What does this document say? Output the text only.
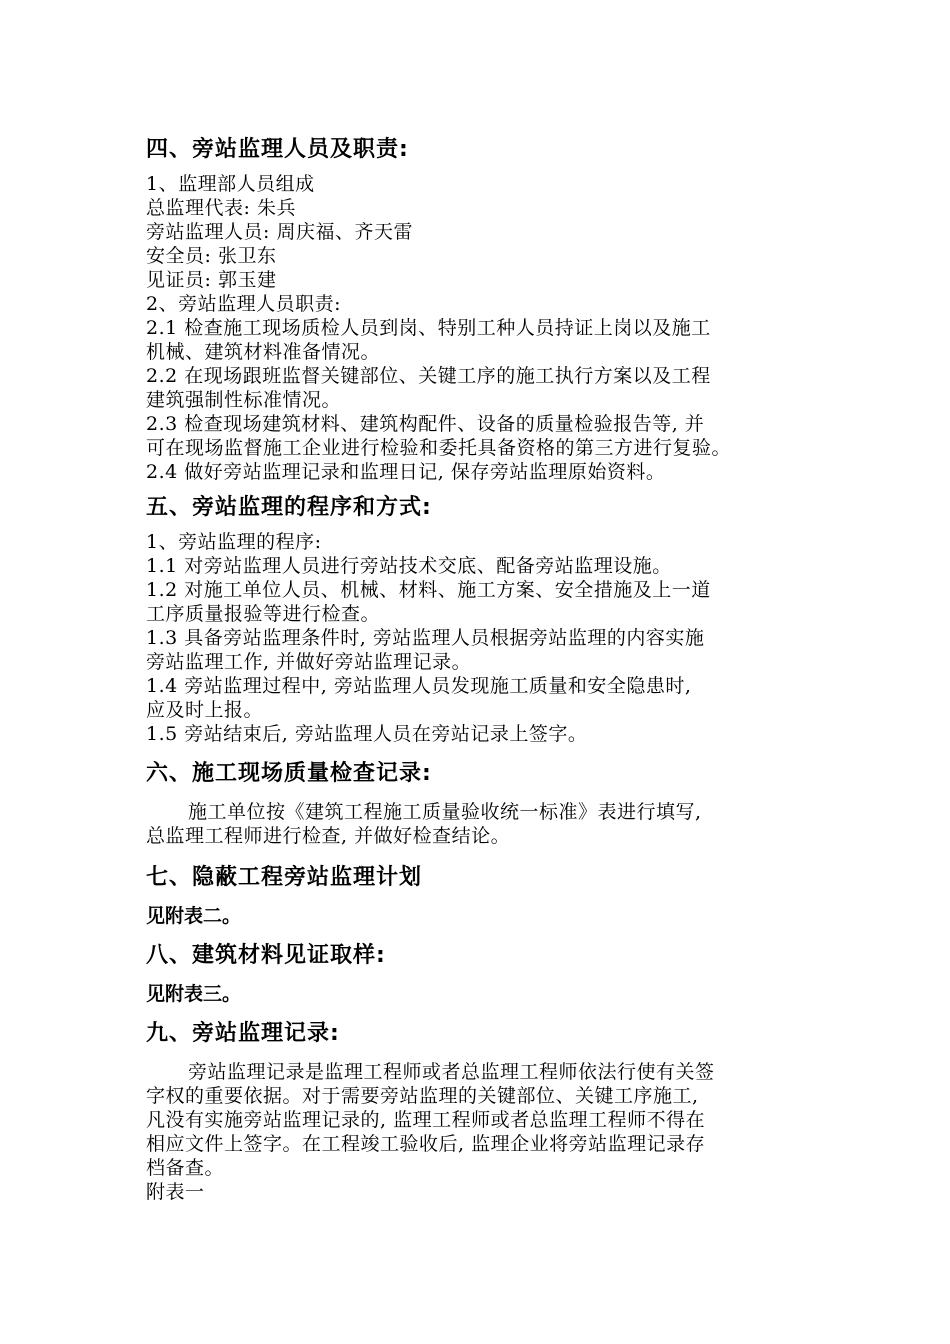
四、旁站监理人员及职责:

1、监理部人员组成

总监理代表: 朱兵

旁站监理人员: 周庆福、齐天雷

安全员: 张卫东

见证员: 郭玉建

2、旁站监理人员职责:

2.1 检查施工现场质检人员到岗、特别工种人员持证上岗以及施工

机械、建筑材料准备情况。

2.2 在现场跟班监督关键部位、关键工序的施工执行方案以及工程

建筑强制性标准情况。

2.3 检查现场建筑材料、建筑构配件、设备的质量检验报告等, 并

可在现场监督施工企业进行检验和委托具备资格的第三方进行复验。

2.4 做好旁站监理记录和监理日记, 保存旁站监理原始资料。

五、旁站监理的程序和方式:

1、旁站监理的程序:

1.1 对旁站监理人员进行旁站技术交底、配备旁站监理设施。

1.2 对施工单位人员、机械、材料、施工方案、安全措施及上一道

工序质量报验等进行检查。

1.3 具备旁站监理条件时, 旁站监理人员根据旁站监理的内容实施

旁站监理工作, 并做好旁站监理记录。

1.4 旁站监理过程中, 旁站监理人员发现施工质量和安全隐患时,

应及时上报。

1.5 旁站结束后, 旁站监理人员在旁站记录上签字。

六、施工现场质量检查记录:

施工单位按《建筑工程施工质量验收统一标准》表进行填写,

总监理工程师进行检查, 并做好检查结论。

七、隐蔽工程旁站监理计划

见附表二。

八、建筑材料见证取样:

见附表三。

九、旁站监理记录:

旁站监理记录是监理工程师或者总监理工程师依法行使有关签

字权的重要依据。对于需要旁站监理的关键部位、关键工序施工,

凡没有实施旁站监理记录的, 监理工程师或者总监理工程师不得在

相应文件上签字。在工程竣工验收后, 监理企业将旁站监理记录存

档备查。

附表一
